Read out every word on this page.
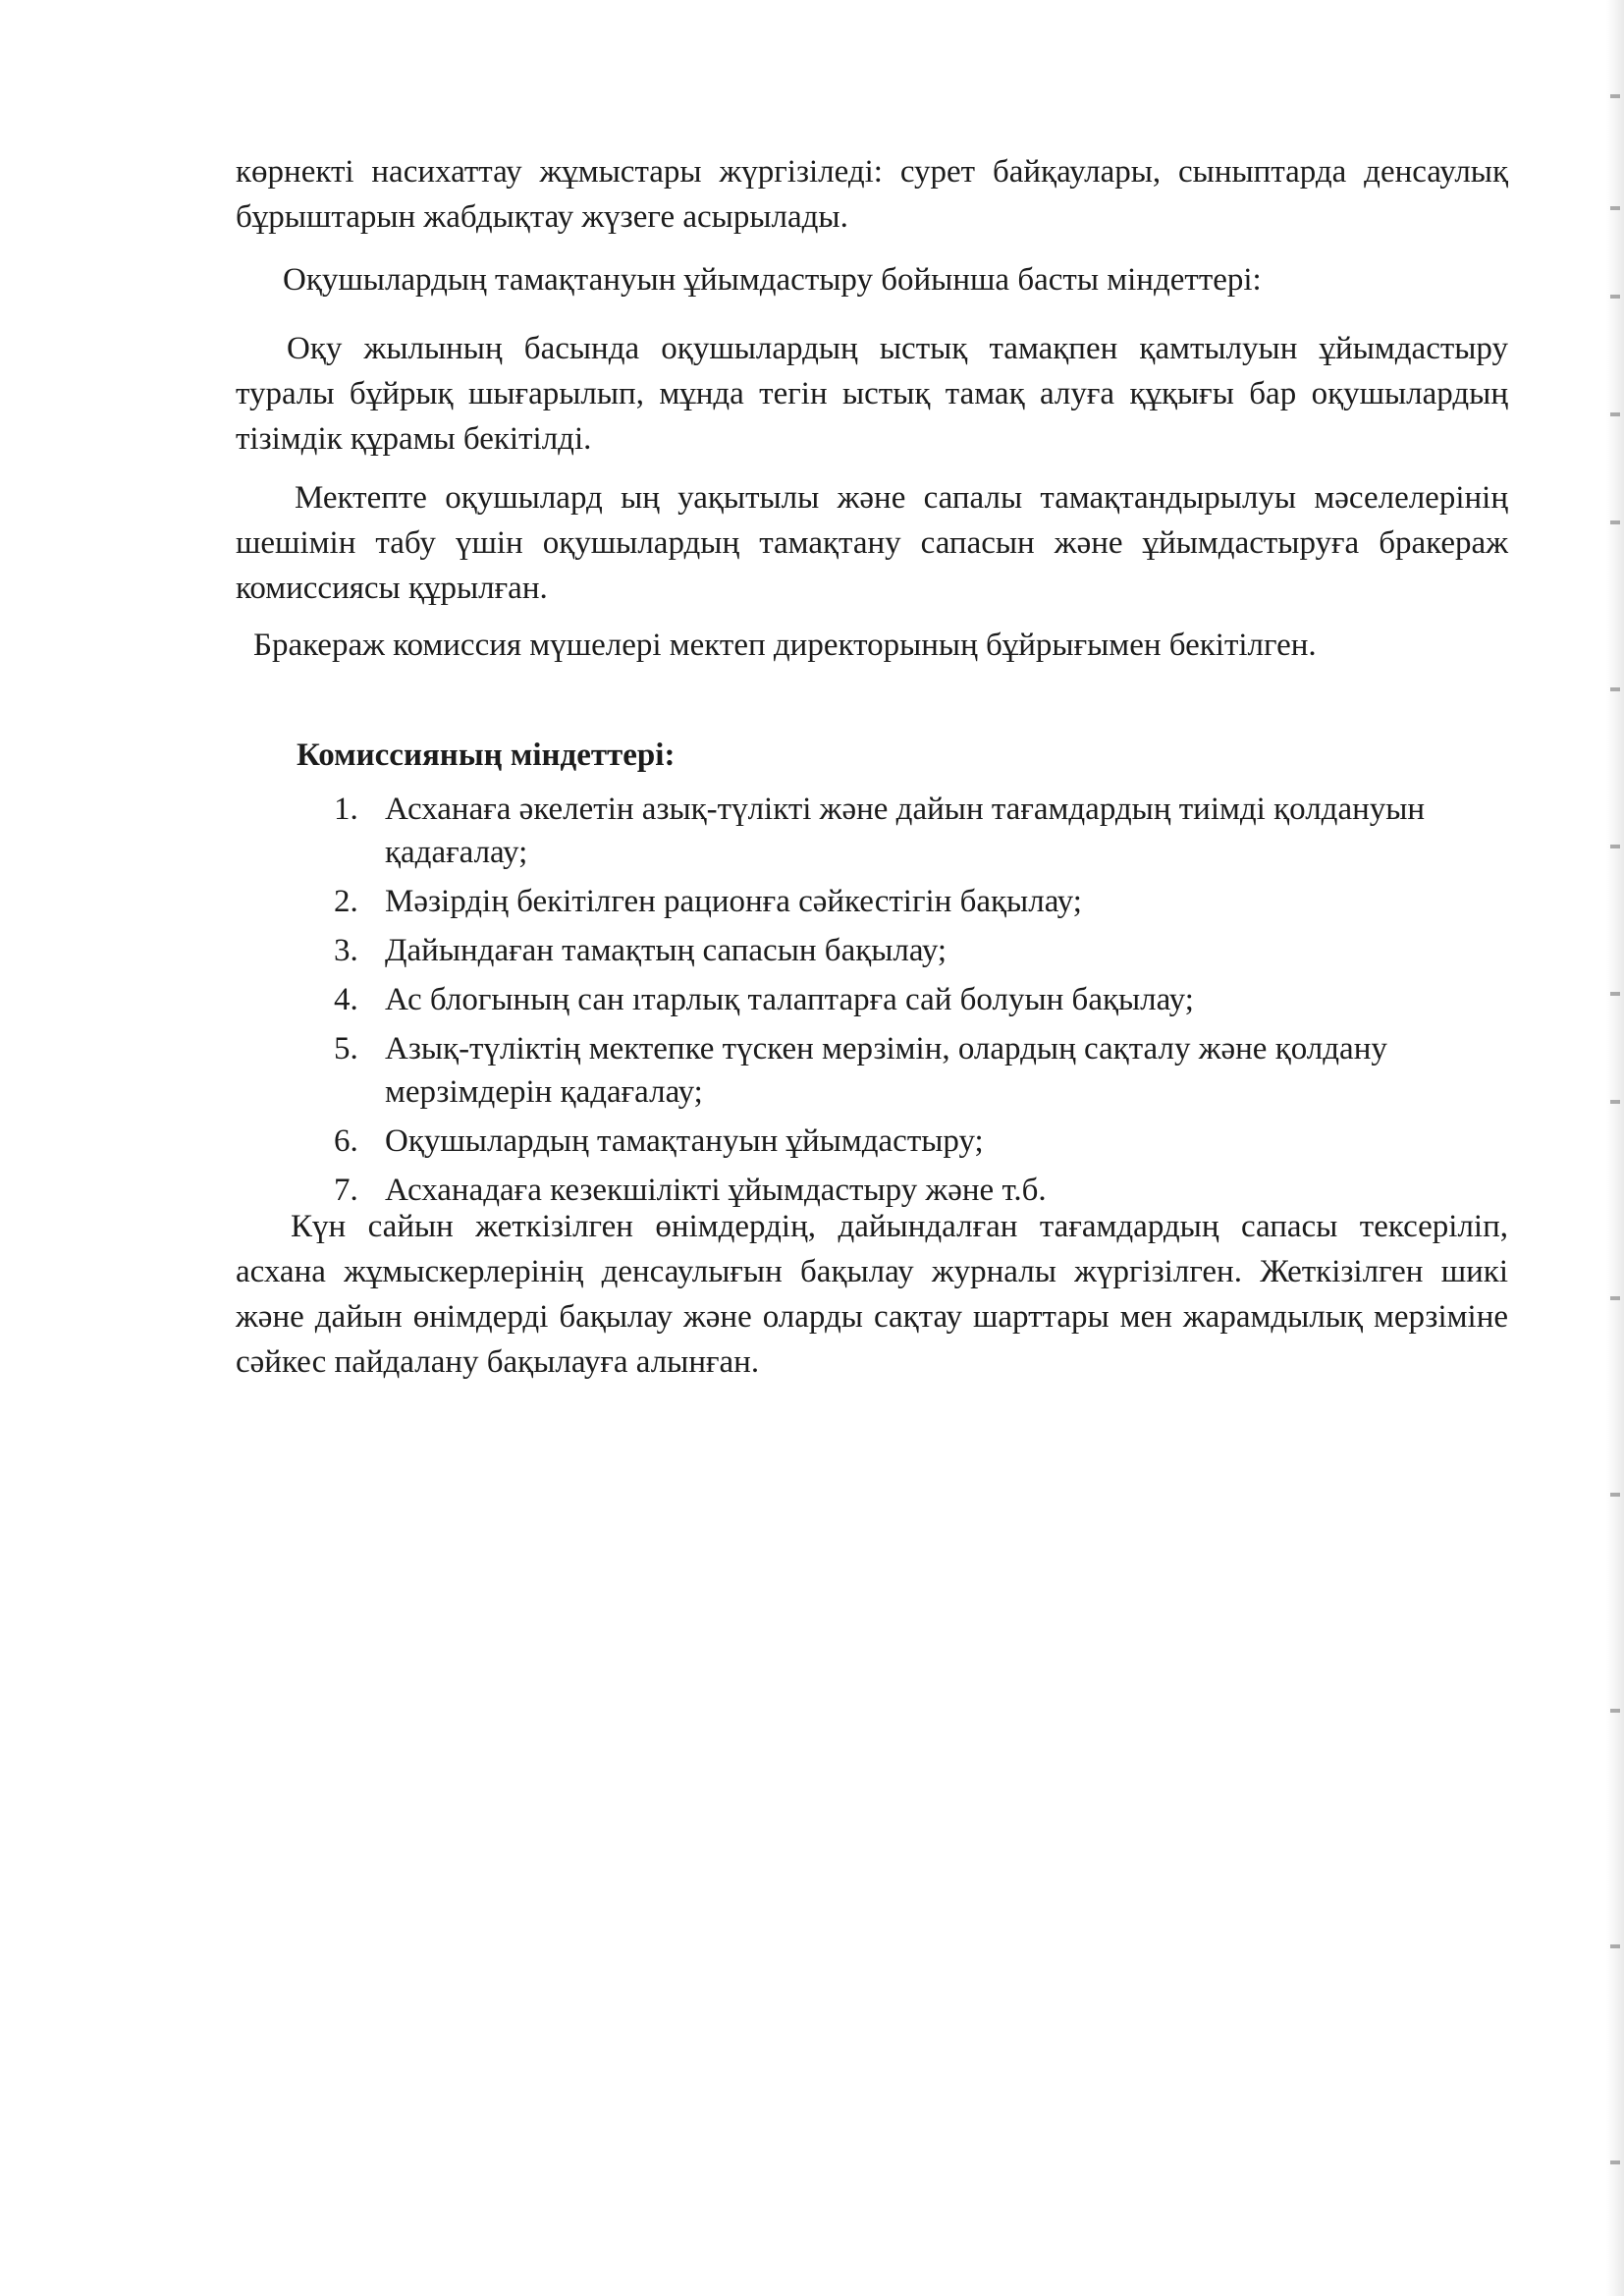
көрнекті насихаттау жұмыстары жүргізіледі: сурет байқаулары, сыныптарда денсаулық бұрыштарын жабдықтау жүзеге асырылады.

Оқушылардың тамақтануын ұйымдастыру бойынша басты міндеттері:

Оқу жылының басында оқушылардың ыстық тамақпен қамтылуын ұйымдастыру туралы бұйрық шығарылып, мұнда тегін ыстық тамақ алуға құқығы бар оқушылардың тізімдік құрамы бекітілді.

Мектепте оқушылард ың уақытылы және сапалы тамақтандырылуы мәселелерінің шешімін табу үшін оқушылардың тамақтану сапасын және ұйымдастыруға бракераж комиссиясы құрылған.

Бракераж комиссия мүшелері мектеп директорының бұйрығымен бекітілген.

Комиссияның міндеттері:
1. Асханаға әкелетін азық-түлікті және дайын тағамдардың тиімді қолдануын қадағалау;
2. Мәзірдің бекітілген рационға сәйкестігін бақылау;
3. Дайындаған тамақтың сапасын бақылау;
4. Ас блогының сан ıтарлық талаптарға сай болуын бақылау;
5. Азық-түліктің мектепке түскен мерзімін, олардың сақталу және қолдану мерзімдерін қадағалау;
6. Оқушылардың тамақтануын ұйымдастыру;
7. Асханадаға кезекшілікті ұйымдастыру және т.б.

Күн сайын жеткізілген өнімдердің, дайындалған тағамдардың сапасы тексеріліп, асхана жұмыскерлерінің денсаулығын бақылау журналы жүргізілген. Жеткізілген шикі және дайын өнімдерді бақылау және оларды сақтау шарттары мен жарамдылық мерзіміне сәйкес пайдалану бақылауға алынған.
